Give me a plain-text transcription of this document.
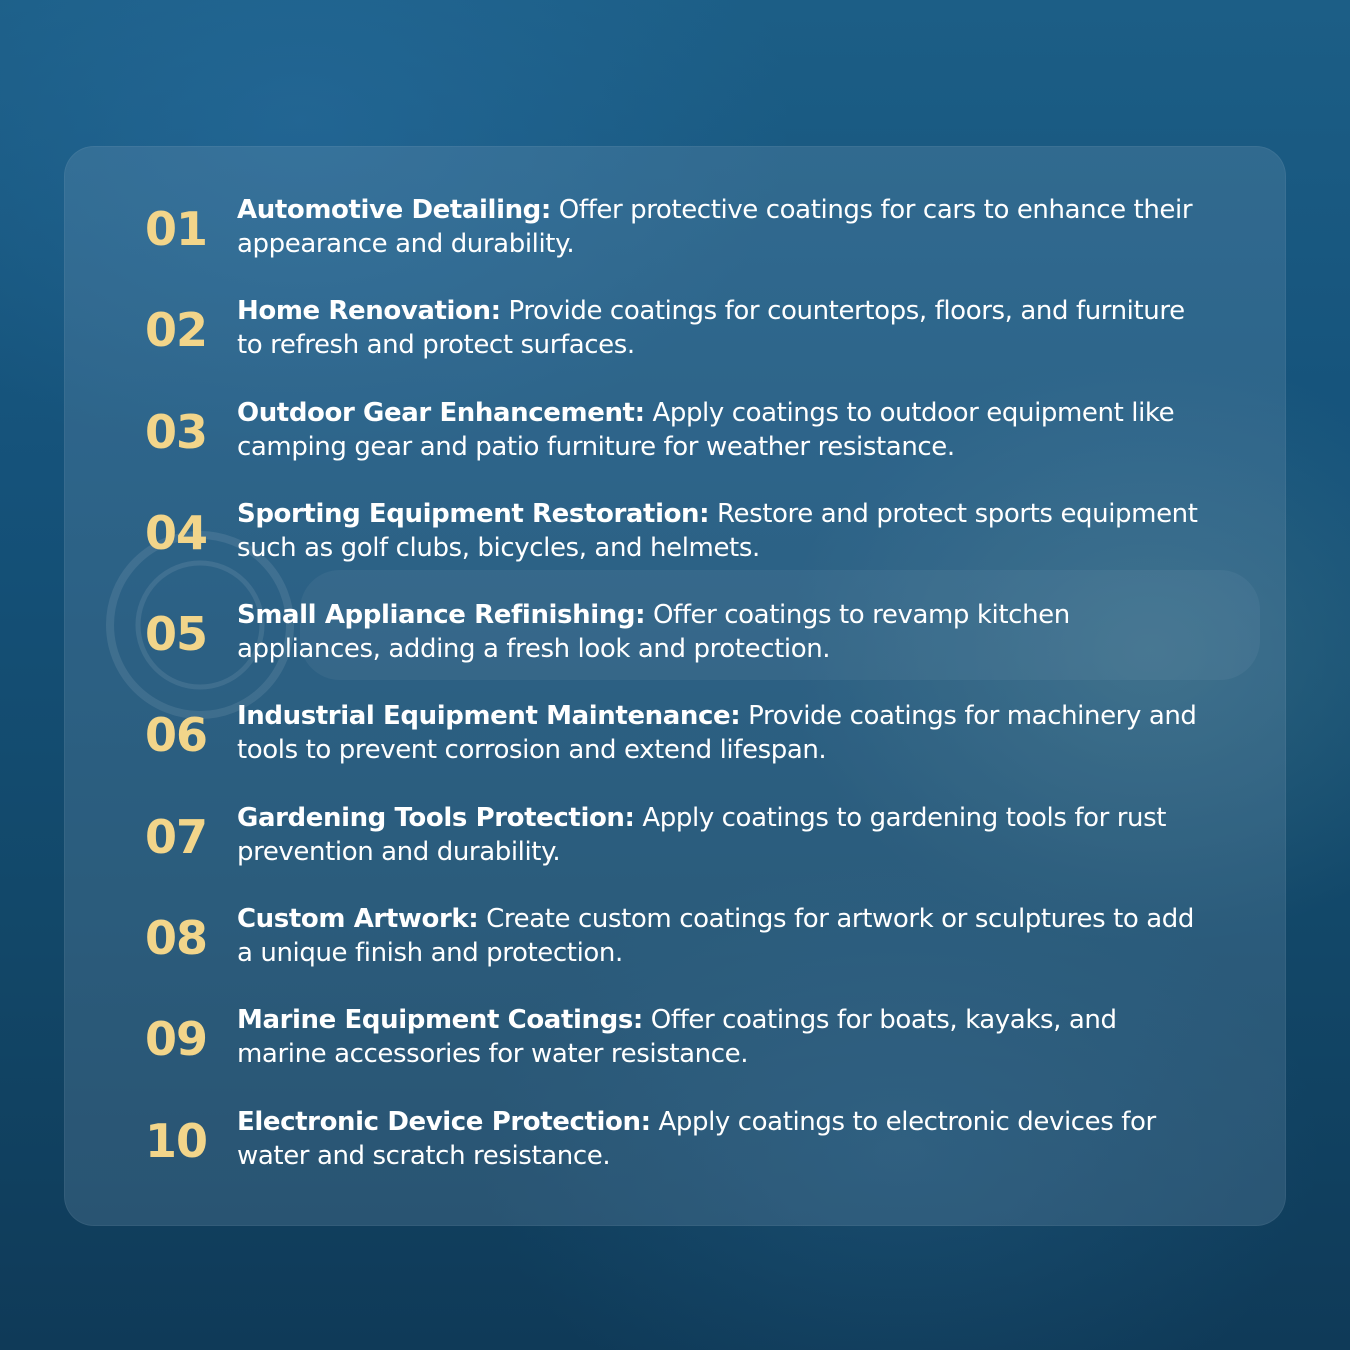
01	Automotive Detailing: Offer protective coatings for cars to enhance their appearance and durability.
02	Home Renovation: Provide coatings for countertops, floors, and furniture to refresh and protect surfaces.
03	Outdoor Gear Enhancement: Apply coatings to outdoor equipment like camping gear and patio furniture for weather resistance.
04	Sporting Equipment Restoration: Restore and protect sports equipment such as golf clubs, bicycles, and helmets.
05	Small Appliance Refinishing: Offer coatings to revamp kitchen appliances, adding a fresh look and protection.
06	Industrial Equipment Maintenance: Provide coatings for machinery and tools to prevent corrosion and extend lifespan.
07	Gardening Tools Protection: Apply coatings to gardening tools for rust prevention and durability.
08	Custom Artwork: Create custom coatings for artwork or sculptures to add a unique finish and protection.
09	Marine Equipment Coatings: Offer coatings for boats, kayaks, and marine accessories for water resistance.
10	Electronic Device Protection: Apply coatings to electronic devices for water and scratch resistance.
